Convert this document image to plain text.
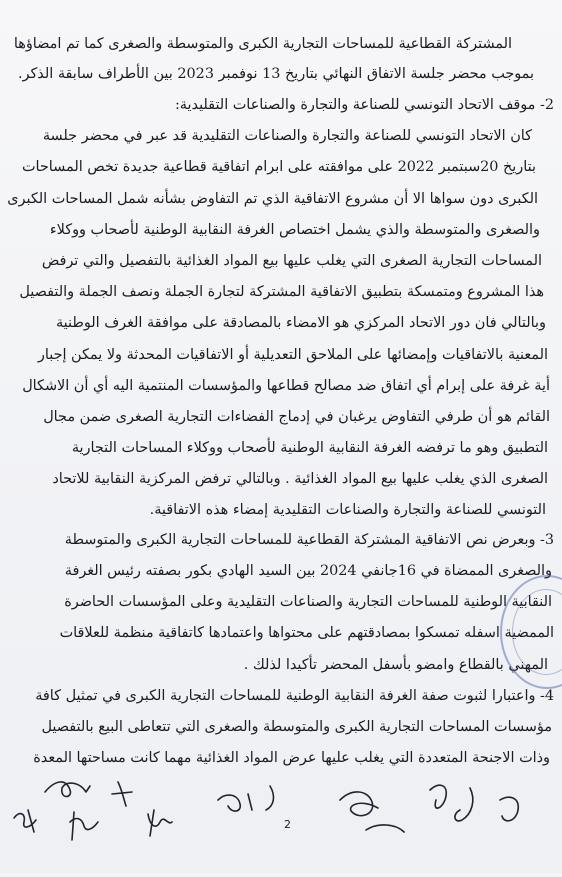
المشتركة القطاعية للمساحات التجارية الكبرى والمتوسطة والصغرى كما تم امضاؤها
بموجب محضر جلسة الاتفاق النهائي بتاريخ 13 نوفمبر 2023 بين الأطراف سابقة الذكر.
2- موقف الاتحاد التونسي للصناعة والتجارة والصناعات التقليدية:
كان الاتحاد التونسي للصناعة والتجارة والصناعات التقليدية قد عبر في محضر جلسة
بتاريخ 20سبتمبر 2022 على موافقته على ابرام اتفاقية قطاعية جديدة تخص المساحات
الكبرى دون سواها الا أن مشروع الاتفاقية الذي تم التفاوض بشأنه شمل المساحات الكبرى
والصغرى والمتوسطة والذي يشمل اختصاص الغرفة النقابية الوطنية لأصحاب ووكلاء
المساحات التجارية الصغرى التي يغلب عليها بيع المواد الغذائية بالتفصيل والتي ترفض
هذا المشروع ومتمسكة بتطبيق الاتفاقية المشتركة لتجارة الجملة ونصف الجملة والتفصيل
وبالتالي فان دور الاتحاد المركزي هو الامضاء بالمصادقة على موافقة الغرف الوطنية
المعنية بالاتفاقيات وإمضائها على الملاحق التعديلية أو الاتفاقيات المحدثة ولا يمكن إجبار
أية غرفة على إبرام أي اتفاق ضد مصالح قطاعها والمؤسسات المنتمية اليه أي أن الاشكال
القائم هو أن طرفي التفاوض يرغبان في إدماج الفضاءات التجارية الصغرى ضمن مجال
التطبيق وهو ما ترفضه الغرفة النقابية الوطنية لأصحاب ووكلاء المساحات التجارية
الصغرى الذي يغلب عليها بيع المواد الغذائية . وبالتالي ترفض المركزية النقابية للاتحاد
التونسي للصناعة والتجارة والصناعات التقليدية إمضاء هذه الاتفاقية.
3- وبعرض نص الاتفاقية المشتركة القطاعية للمساحات التجارية الكبرى والمتوسطة
والصغرى الممضاة في 16جانفي 2024 بين السيد الهادي بكور بصفته رئيس الغرفة
النقابية الوطنية للمساحات التجارية والصناعات التقليدية وعلى المؤسسات الحاضرة
الممضية اسفله تمسكوا بمصادقتهم على محتواها واعتمادها كاتفاقية منظمة للعلاقات
المهني بالقطاع وامضو بأسفل المحضر تأكيدا لذلك .
4- واعتبارا لثبوت صفة الغرفة النقابية الوطنية للمساحات التجارية الكبرى في تمثيل كافة
مؤسسات المساحات التجارية الكبرى والمتوسطة والصغرى التي تتعاطى البيع بالتفصيل
وذات الاجنحة المتعددة التي يغلب عليها عرض المواد الغذائية مهما كانت مساحتها المعدة
2
